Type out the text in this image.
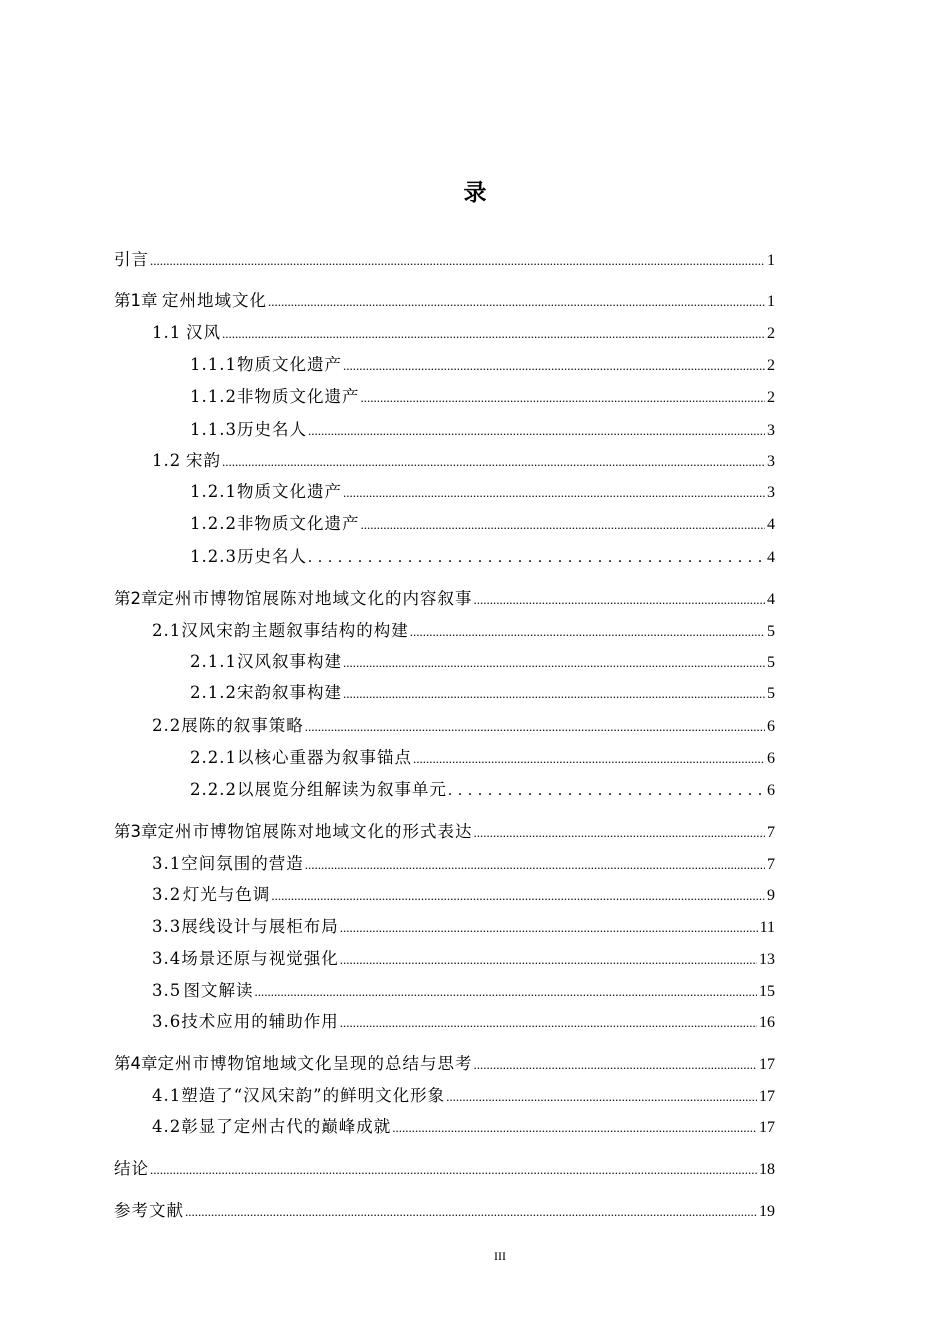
录
引言 .....	1
第1章 定州地域文化 .....	1
1.1 汉风 .....	2
1.1.1 物质文化遗产 .....	2
1.1.2 非物质文化遗产 .....	2
1.1.3 历史名人 .....	3
1.2 宋韵 .....	3
1.2.1 物质文化遗产 .....	3
1.2.2 非物质文化遗产 .....	4
1.2.3 历史名人 . . .	4
第2章 定州市博物馆展陈对地域文化的内容叙事 .....	4
2.1 汉风宋韵主题叙事结构的构建 .....	5
2.1.1 汉风叙事构建 .....	5
2.1.2 宋韵叙事构建 .....	5
2.2 展陈的叙事策略 .....	6
2.2.1 以核心重器为叙事锚点 .....	6
2.2.2 以展览分组解读为叙事单元 . . .	6
第3章 定州市博物馆展陈对地域文化的形式表达 .....	7
3.1 空间氛围的营造 .....	7
3.2 灯光与色调 .....	9
3.3 展线设计与展柜布局 .....	11
3.4 场景还原与视觉强化 .....	13
3.5 图文解读 .....	15
3.6 技术应用的辅助作用 .....	16
第4章 定州市博物馆地域文化呈现的总结与思考 .....	17
4.1 塑造了“汉风宋韵”的鲜明文化形象 .....	17
4.2 彰显了定州古代的巅峰成就 .....	17
结论 .....	18
参考文献 .....	19
III
